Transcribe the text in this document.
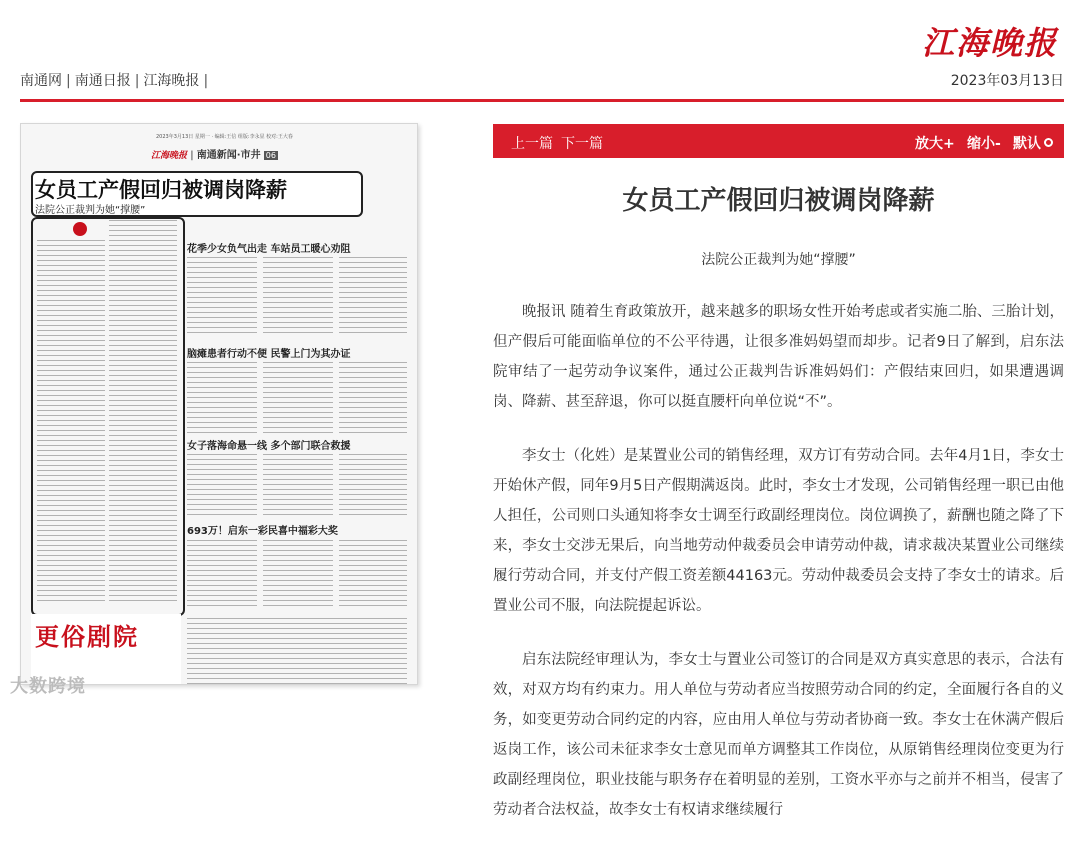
江海晚报
南通网 | 南通日报 | 江海晚报 |	2023年03月13日
2023年3月13日 星期一 · 编辑:王信 组版:李永显 校对:王大春
江海晚报 | 南通新闻·市井 06
女员工产假回归被调岗降薪
法院公正裁判为她“撑腰”
花季少女负气出走 车站员工暖心劝阻
脑瘫患者行动不便 民警上门为其办证
女子落海命悬一线 多个部门联合救援
693万！启东一彩民喜中福彩大奖
更俗剧院
大数跨境
上一篇 下一篇	放大+ 缩小- 默认
女员工产假回归被调岗降薪
法院公正裁判为她“撑腰”

晚报讯 随着生育政策放开，越来越多的职场女性开始考虑或者实施二胎、三胎计划，但产假后可能面临单位的不公平待遇，让很多准妈妈望而却步。记者9日了解到，启东法院审结了一起劳动争议案件，通过公正裁判告诉准妈妈们：产假结束回归，如果遭遇调岗、降薪、甚至辞退，你可以挺直腰杆向单位说“不”。

李女士（化姓）是某置业公司的销售经理，双方订有劳动合同。去年4月1日，李女士开始休产假，同年9月5日产假期满返岗。此时，李女士才发现，公司销售经理一职已由他人担任，公司则口头通知将李女士调至行政副经理岗位。岗位调换了，薪酬也随之降了下来，李女士交涉无果后，向当地劳动仲裁委员会申请劳动仲裁，请求裁决某置业公司继续履行劳动合同，并支付产假工资差额44163元。劳动仲裁委员会支持了李女士的请求。后置业公司不服，向法院提起诉讼。

启东法院经审理认为，李女士与置业公司签订的合同是双方真实意思的表示，合法有效，对双方均有约束力。用人单位与劳动者应当按照劳动合同的约定，全面履行各自的义务，如变更劳动合同约定的内容，应由用人单位与劳动者协商一致。李女士在休满产假后返岗工作，该公司未征求李女士意见而单方调整其工作岗位，从原销售经理岗位变更为行政副经理岗位，职业技能与职务存在着明显的差别，工资水平亦与之前并不相当，侵害了劳动者合法权益，故李女士有权请求继续履行
